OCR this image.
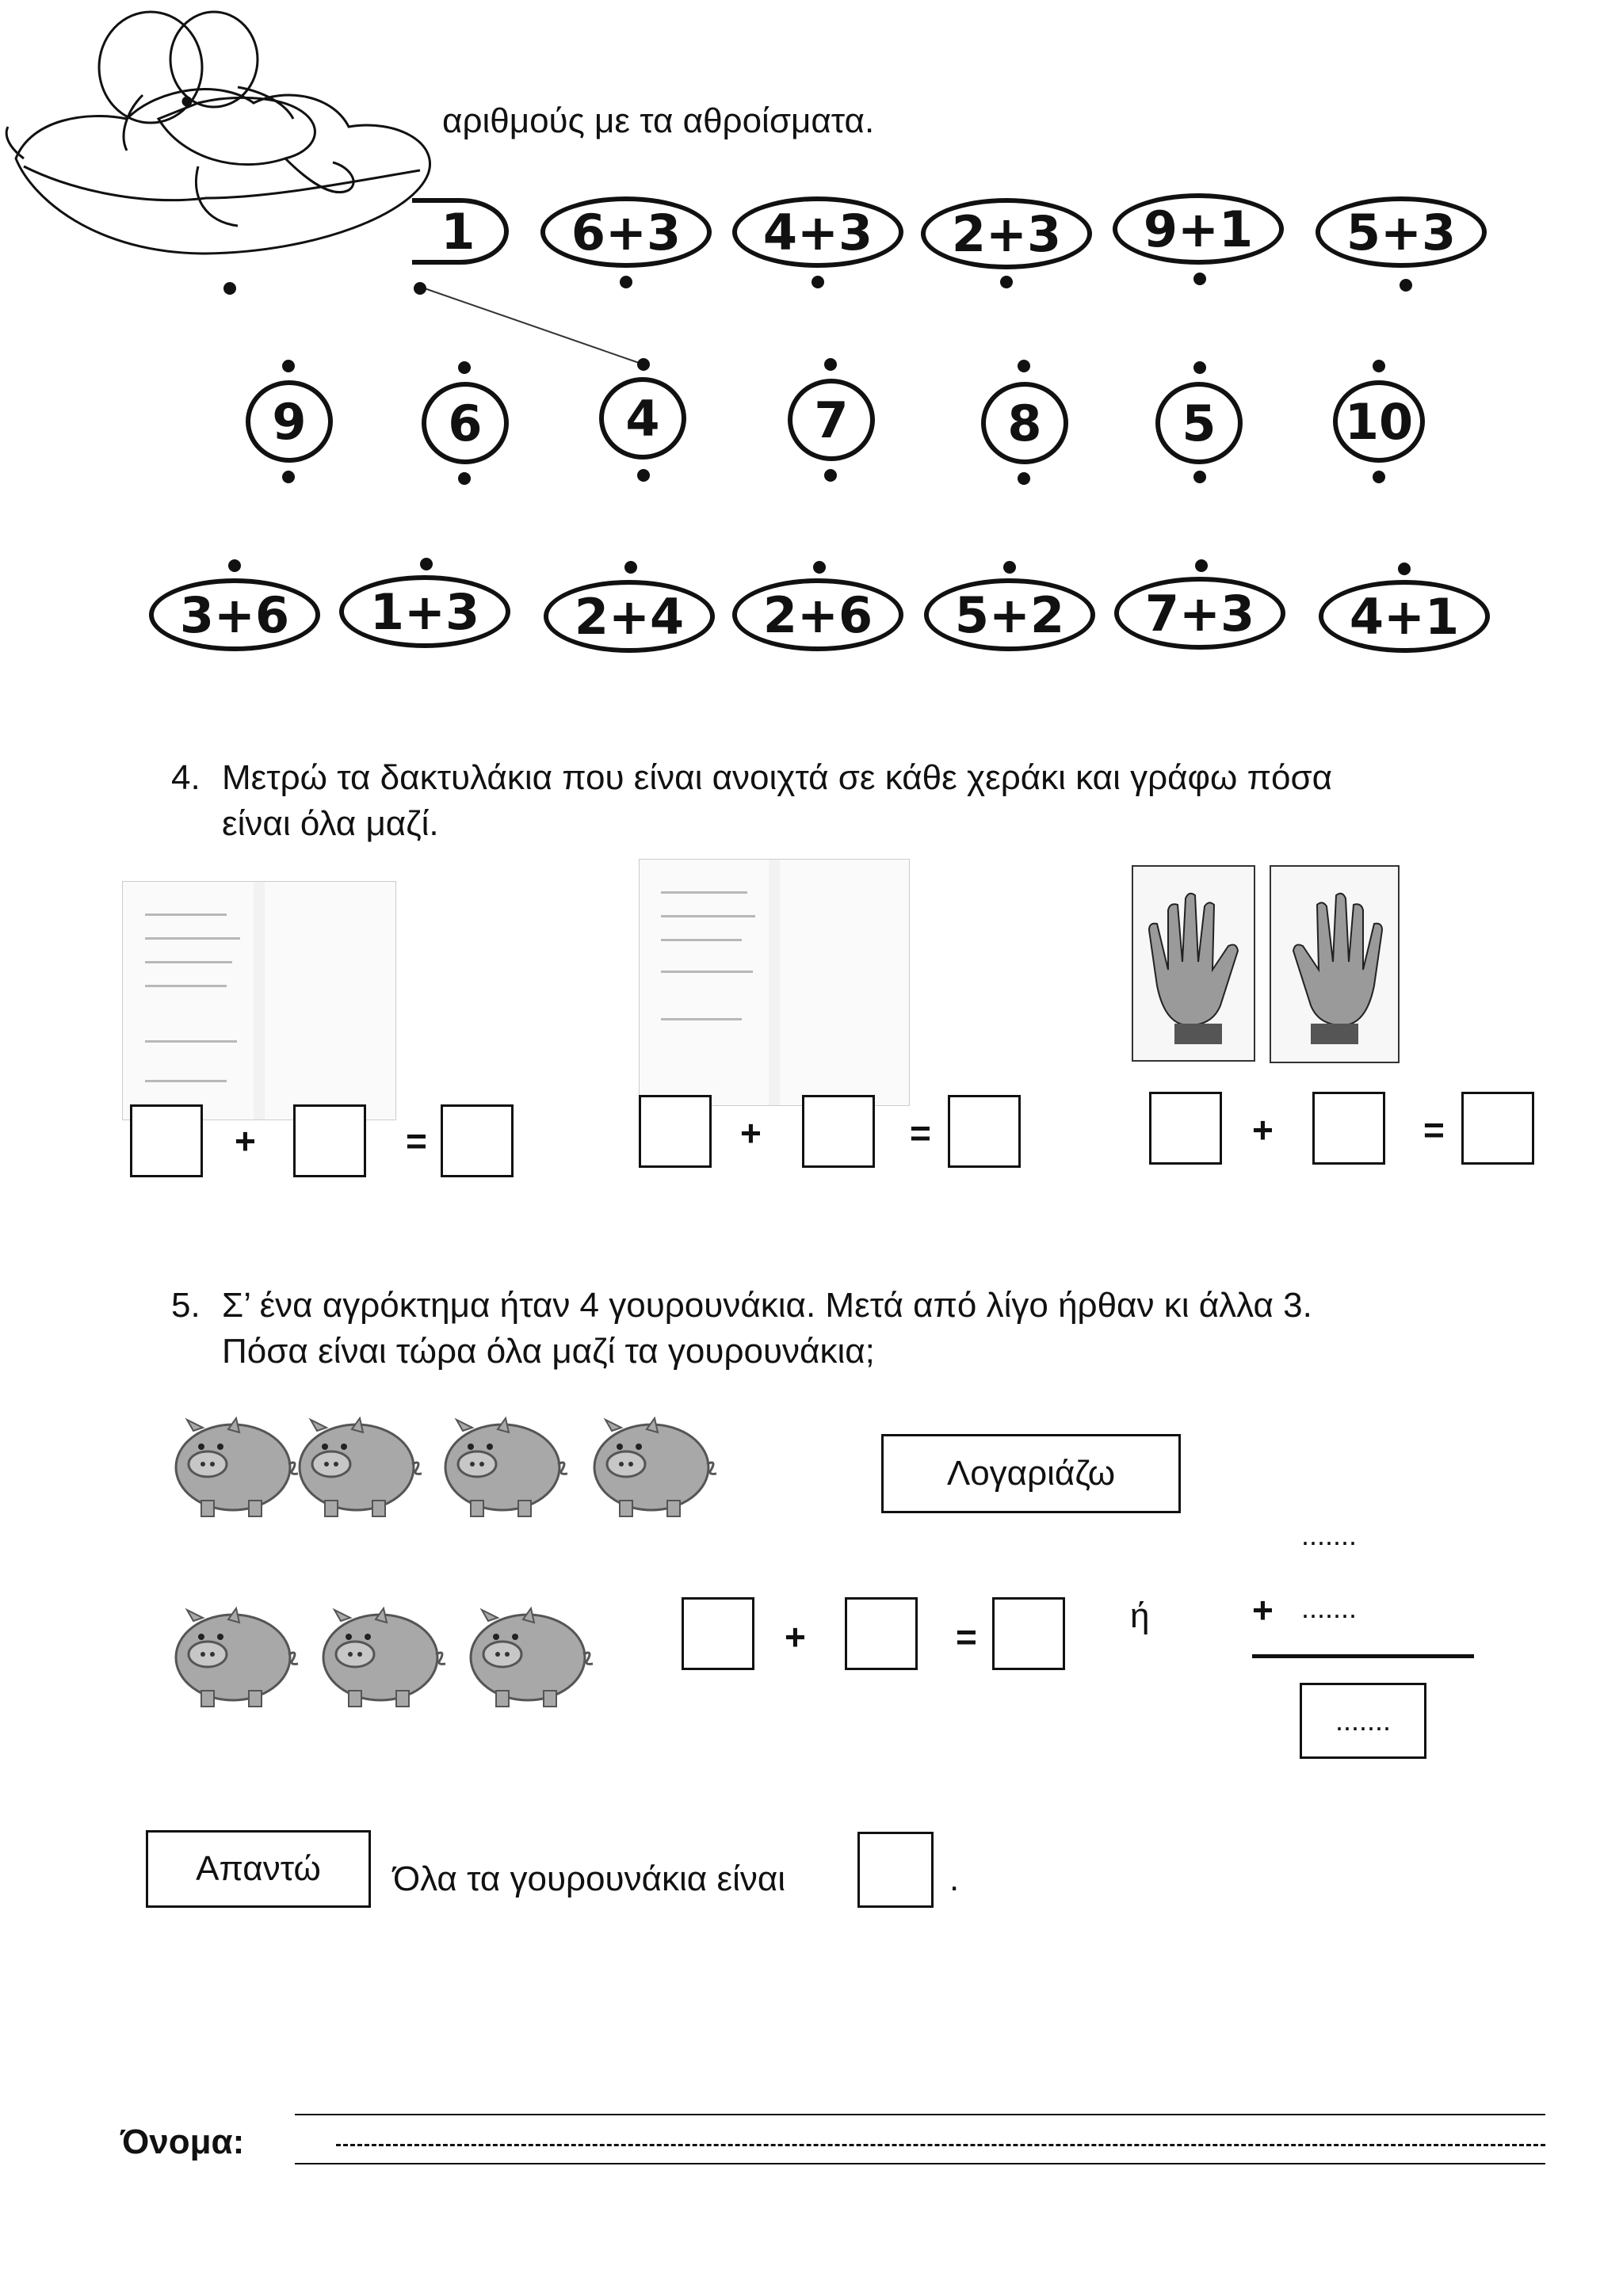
αριθμούς με τα αθροίσματα.
1 6+3 4+3 2+3 9+1 5+3
9	6	4	7	8	5	10
3+6 1+3 2+4 2+6 5+2 7+3 4+1
4. Μετρώ τα δακτυλάκια που είναι ανοιχτά σε κάθε χεράκι και γράφω πόσα
είναι όλα μαζί.
+	=	+	=	+	=
5. Σ’ ένα αγρόκτημα ήταν 4 γουρουνάκια. Μετά από λίγο ήρθαν κι άλλα 3.
Πόσα είναι τώρα όλα μαζί τα γουρουνάκια;
Λογαριάζω
.......
+	=
ή	+ .......
.......
Απαντώ	Όλα τα γουρουνάκια είναι	.
Όνομα:
